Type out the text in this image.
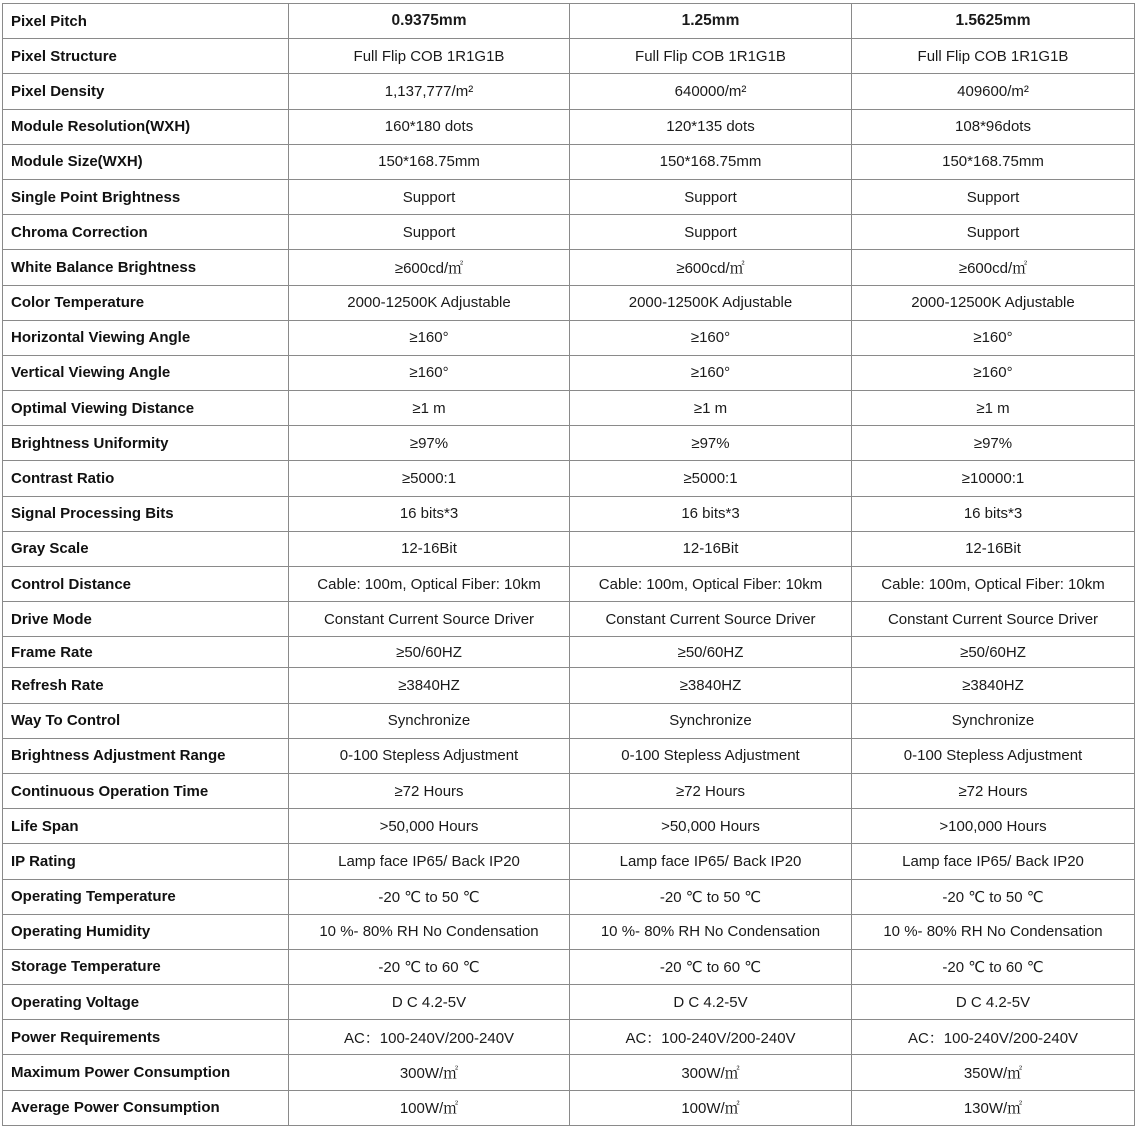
Pixel Pitch	0.9375mm	1.25mm	1.5625mm
Pixel Structure	Full Flip COB 1R1G1B	Full Flip COB 1R1G1B	Full Flip COB 1R1G1B
Pixel Density	1,137,777/m²	640000/m²	409600/m²
Module Resolution(WXH)	160*180 dots	120*135 dots	108*96dots
Module Size(WXH)	150*168.75mm	150*168.75mm	150*168.75mm
Single Point Brightness	Support	Support	Support
Chroma Correction	Support	Support	Support
White Balance Brightness	≥600cd/㎡	≥600cd/㎡	≥600cd/㎡
Color Temperature	2000-12500K Adjustable	2000-12500K Adjustable	2000-12500K Adjustable
Horizontal Viewing Angle	≥160°	≥160°	≥160°
Vertical Viewing Angle	≥160°	≥160°	≥160°
Optimal Viewing Distance	≥1 m	≥1 m	≥1 m
Brightness Uniformity	≥97%	≥97%	≥97%
Contrast Ratio	≥5000:1	≥5000:1	≥10000:1
Signal Processing Bits	16 bits*3	16 bits*3	16 bits*3
Gray Scale	12-16Bit	12-16Bit	12-16Bit
Control Distance	Cable: 100m, Optical Fiber: 10km	Cable: 100m, Optical Fiber: 10km	Cable: 100m, Optical Fiber: 10km
Drive Mode	Constant Current Source Driver	Constant Current Source Driver	Constant Current Source Driver
Frame Rate	≥50/60HZ	≥50/60HZ	≥50/60HZ
Refresh Rate	≥3840HZ	≥3840HZ	≥3840HZ
Way To Control	Synchronize	Synchronize	Synchronize
Brightness Adjustment Range	0-100 Stepless Adjustment	0-100 Stepless Adjustment	0-100 Stepless Adjustment
Continuous Operation Time	≥72 Hours	≥72 Hours	≥72 Hours
Life Span	>50,000 Hours	>50,000 Hours	>100,000 Hours
IP Rating	Lamp face IP65/ Back IP20	Lamp face IP65/ Back IP20	Lamp face IP65/ Back IP20
Operating Temperature	-20 ℃ to 50 ℃	-20 ℃ to 50 ℃	-20 ℃ to 50 ℃
Operating Humidity	10 %- 80% RH No Condensation	10 %- 80% RH No Condensation	10 %- 80% RH No Condensation
Storage Temperature	-20 ℃ to 60 ℃	-20 ℃ to 60 ℃	-20 ℃ to 60 ℃
Operating Voltage	D C 4.2-5V	D C 4.2-5V	D C 4.2-5V
Power Requirements	AC：100-240V/200-240V	AC：100-240V/200-240V	AC：100-240V/200-240V
Maximum Power Consumption	300W/㎡	300W/㎡	350W/㎡
Average Power Consumption	100W/㎡	100W/㎡	130W/㎡
